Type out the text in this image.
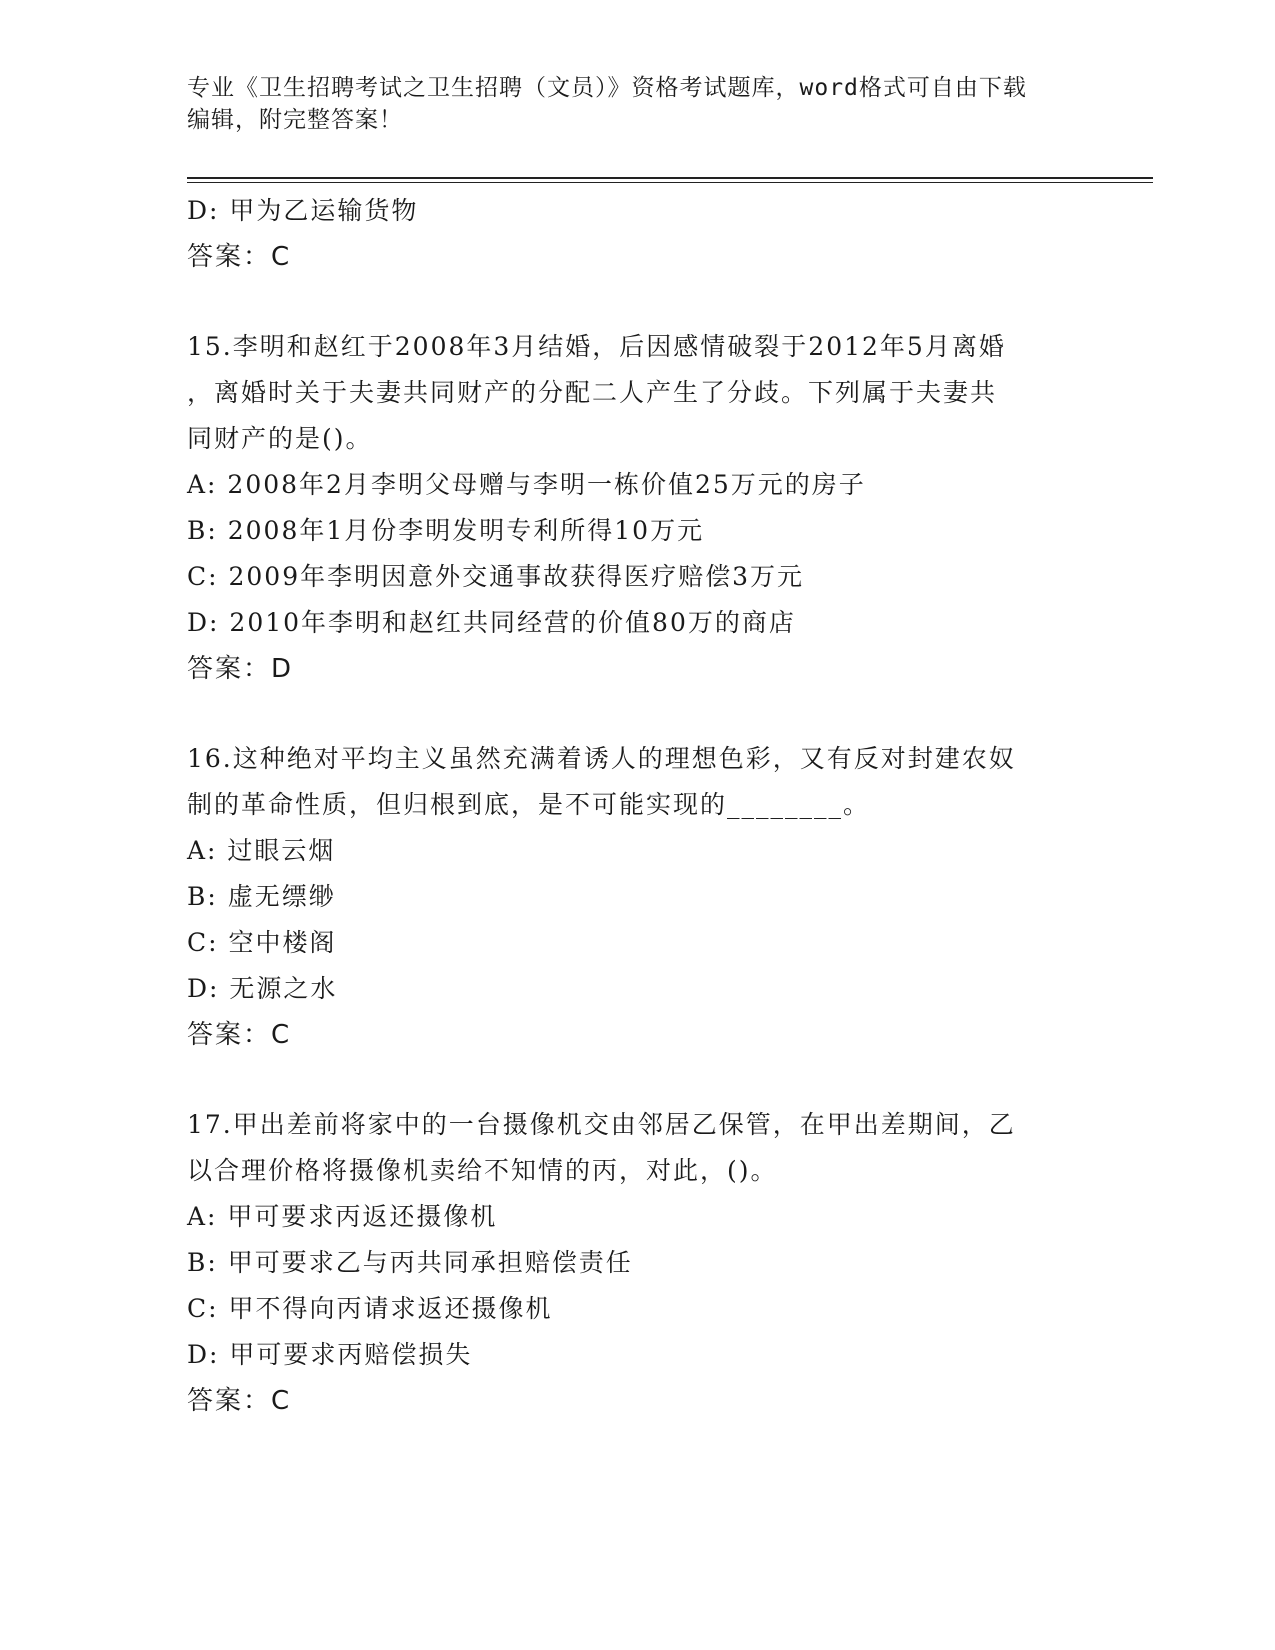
专业《卫生招聘考试之卫生招聘（文员）》资格考试题库，word格式可自由下载
编辑，附完整答案！
D: 甲为乙运输货物
答案：C
15.李明和赵红于2008年3月结婚，后因感情破裂于2012年5月离婚
，离婚时关于夫妻共同财产的分配二人产生了分歧。下列属于夫妻共
同财产的是()。
A: 2008年2月李明父母赠与李明一栋价值25万元的房子
B: 2008年1月份李明发明专利所得10万元
C: 2009年李明因意外交通事故获得医疗赔偿3万元
D: 2010年李明和赵红共同经营的价值80万的商店
答案：D
16.这种绝对平均主义虽然充满着诱人的理想色彩，又有反对封建农奴
制的革命性质，但归根到底，是不可能实现的________。
A: 过眼云烟
B: 虚无缥缈
C: 空中楼阁
D: 无源之水
答案：C
17.甲出差前将家中的一台摄像机交由邻居乙保管，在甲出差期间，乙
以合理价格将摄像机卖给不知情的丙，对此，()。
A: 甲可要求丙返还摄像机
B: 甲可要求乙与丙共同承担赔偿责任
C: 甲不得向丙请求返还摄像机
D: 甲可要求丙赔偿损失
答案：C
